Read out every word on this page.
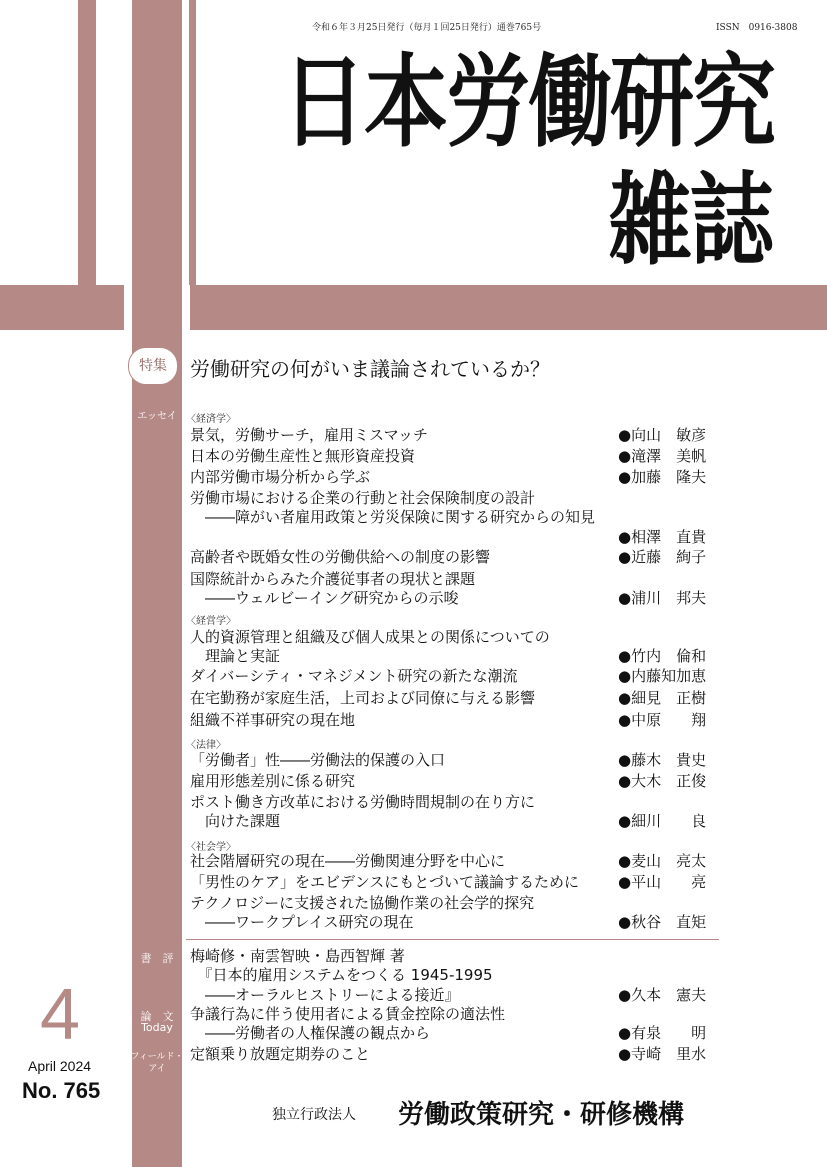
令和６年３月25日発行（毎月１回25日発行）通巻765号	ISSN　0916-3808
日本労働研究
雑誌
特集	労働研究の何がいま議論されているか？
エッセイ
書　評
論　文
Today
フィールド・
アイ
〈経済学〉
〈経営学〉
〈法律〉
〈社会学〉
景気，労働サーチ，雇用ミスマッチ	●向山　敏彦
日本の労働生産性と無形資産投資	●滝澤　美帆
内部労働市場分析から学ぶ	●加藤　隆夫
労働市場における企業の行動と社会保険制度の設計
　――障がい者雇用政策と労災保険に関する研究からの知見
●相澤　直貴
高齢者や既婚女性の労働供給への制度の影響	●近藤　絢子
国際統計からみた介護従事者の現状と課題
　――ウェルビーイング研究からの示唆	●浦川　邦夫
人的資源管理と組織及び個人成果との関係についての
　理論と実証	●竹内　倫和
ダイバーシティ・マネジメント研究の新たな潮流	●内藤知加恵
在宅勤務が家庭生活，上司および同僚に与える影響	●細見　正樹
組織不祥事研究の現在地	●中原　　翔
「労働者」性――労働法的保護の入口	●藤木　貴史
雇用形態差別に係る研究	●大木　正俊
ポスト働き方改革における労働時間規制の在り方に
　向けた課題	●細川　　良
社会階層研究の現在――労働関連分野を中心に	●麦山　亮太
「男性のケア」をエビデンスにもとづいて議論するために	●平山　　亮
テクノロジーに支援された協働作業の社会学的探究
　――ワークプレイス研究の現在	●秋谷　直矩
梅崎修・南雲智映・島西智輝 著
　『日本的雇用システムをつくる 1945-1995
　――オーラルヒストリーによる接近』	●久本　憲夫
争議行為に伴う使用者による賃金控除の適法性
　――労働者の人権保護の観点から	●有泉　　明
定額乗り放題定期券のこと	●寺崎　里水
4
April 2024
No. 765
独立行政法人 労働政策研究・研修機構
